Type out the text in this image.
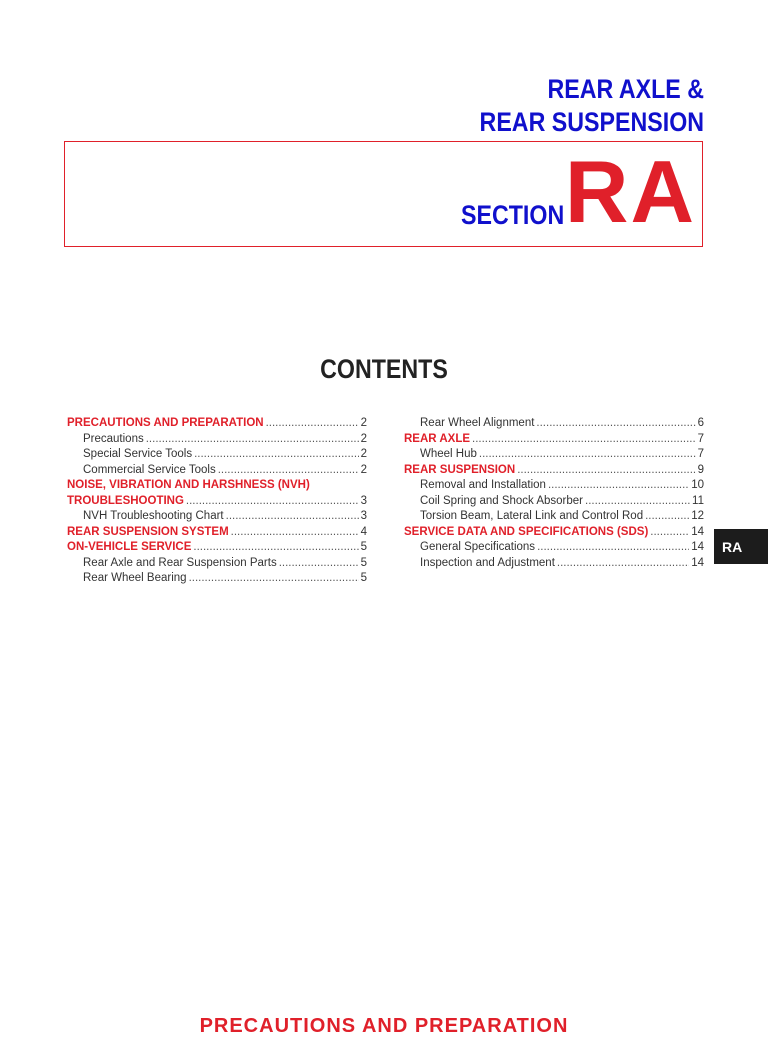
REAR AXLE &
REAR SUSPENSION
SECTION RA
CONTENTS
PRECAUTIONS AND PREPARATION .....	2
Precautions .....	2
Special Service Tools .....	2
Commercial Service Tools .....	2
NOISE, VIBRATION AND HARSHNESS (NVH)
TROUBLESHOOTING .....	3
NVH Troubleshooting Chart .....	3
REAR SUSPENSION SYSTEM .....	4
ON-VEHICLE SERVICE .....	5
Rear Axle and Rear Suspension Parts .....	5
Rear Wheel Bearing .....	5
Rear Wheel Alignment .....	6
REAR AXLE .....	7
Wheel Hub .....	7
REAR SUSPENSION .....	9
Removal and Installation .....	10
Coil Spring and Shock Absorber .....	11
Torsion Beam, Lateral Link and Control Rod .....	12
SERVICE DATA AND SPECIFICATIONS (SDS) .....	14
General Specifications .....	14
Inspection and Adjustment .....	14
RA
PRECAUTIONS AND PREPARATION
